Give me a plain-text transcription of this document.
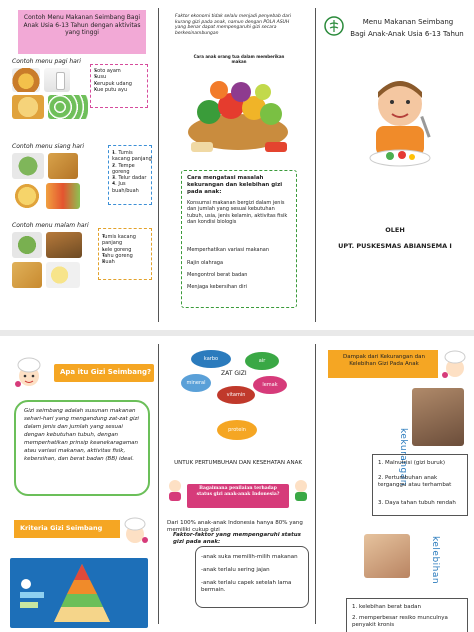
Contoh Menu Makanan Seimbang Bagi Anak Usia 6-13 Tahun dengan aktivitas yang tinggi
Contoh menu pagi hari
• Soto ayam
• Susu
• Kerupuk udang
• Kue putu ayu
Contoh menu siang hari
• 1. Tumis kacang panjang
• 2. Tempe goreng
• 3. Telur dadar
• 4. Jus buah/buah
Contoh menu malam hari
• Tumis kacang panjang
• Lele goreng
• Tahu goreng
• Buah
Faktor ekonomi tidak selalu menjadi penyebab dari kurang gizi pada anak, namun dengan POLA ASUH yang benar dapat mempengaruhi gizi secara berkesinambungan
Cara anak orang tua dalam memberikan makan
Cara mengatasi masalah kekurangan dan kelebihan gizi pada anak:
Konsumsi makanan bergizi dalam jenis dan jumlah yang sesuai kebutuhan tubuh, usia, jenis kelamin, aktivitas fisik dan kondisi biologis
Memperhatikan variasi makanan
Rajin olahraga
Mengontrol berat badan
Menjaga kebersihan diri
Menu Makanan Seimbang
Bagi Anak-Anak Usia 6-13 Tahun
OLEH
UPT. PUSKESMAS ABIANSEMA I
Apa itu Gizi Seimbang?
Gizi seimbang adalah susunan makanan sehari-hari yang mengandung zat-zat gizi dalam jenis dan jumlah yang sesuai dengan kebutuhan tubuh, dengan memperhatikan prinsip keanekaragaman atau variasi makanan, aktivitas fisik, kebersihan, dan berat badan (BB) ideal.
Kriteria Gizi Seimbang
karbo	air
mineral
ZAT GIZI
lemak
vitamin
protein
UNTUK PERTUMBUHAN DAN KESEHATAN ANAK
Bagaimana penilaian terhadap status gizi anak-anak Indonesia?
Dari 100% anak-anak Indonesia hanya 80% yang memiliki cukup gizi
Faktor-faktor yang mempengaruhi status gizi pada anak:
-anak suka memilih-milih makanan
-anak terlalu sering jajan
-anak terlalu capek setelah lama bermain.
Dampak dari Kekurangan dan Kelebihan Gizi Pada Anak
kekurangan
1. Malnutrisi (gizi buruk)
2. Pertumbuhan anak terganggu atau terhambat
3. Daya tahan tubuh rendah
kelebihan
1. kelebihan berat badan
2. memperbesar resiko munculnya penyakit kronis
